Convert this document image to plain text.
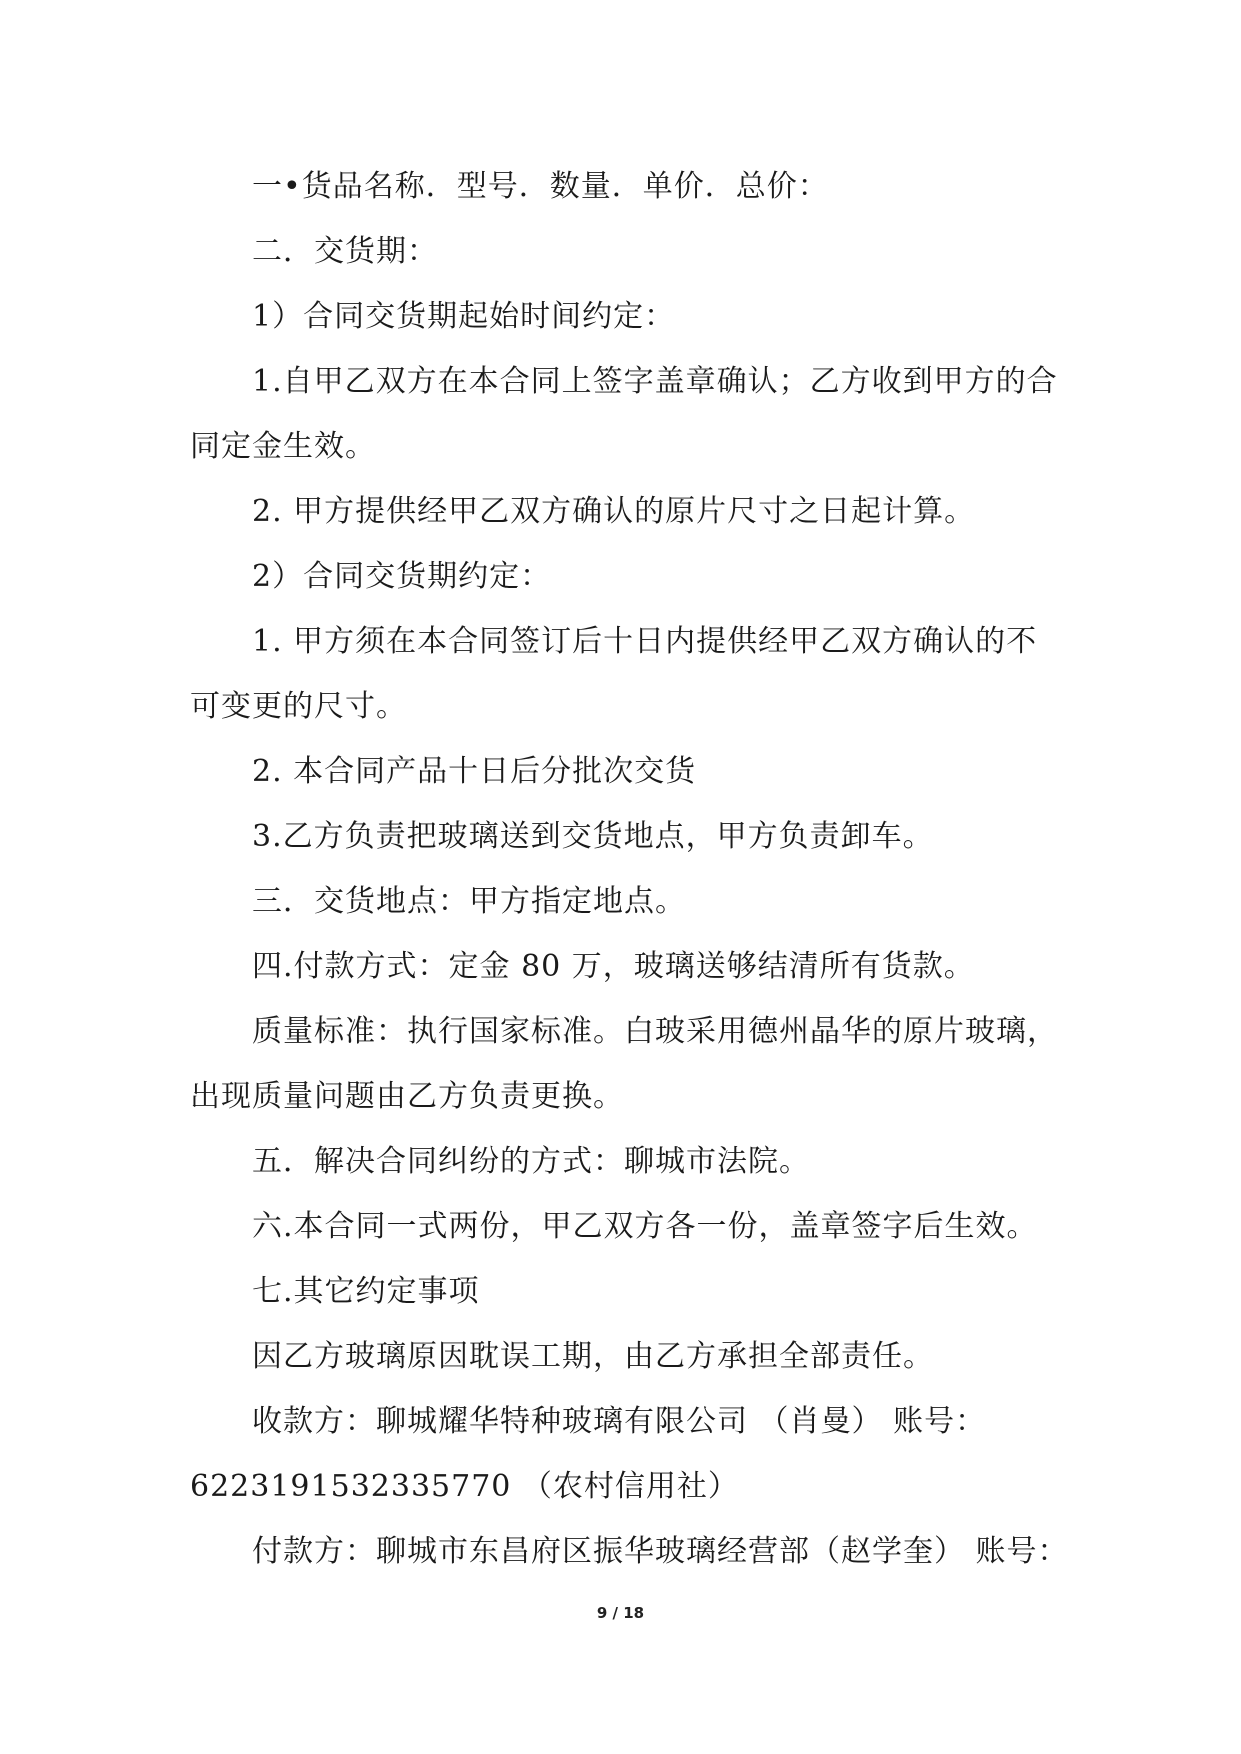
一•货品名称．型号．数量．单价．总价：
二．交货期：
1）合同交货期起始时间约定：
1.自甲乙双方在本合同上签字盖章确认；乙方收到甲方的合
同定金生效。
2. 甲方提供经甲乙双方确认的原片尺寸之日起计算。
2）合同交货期约定：
1. 甲方须在本合同签订后十日内提供经甲乙双方确认的不
可变更的尺寸。
2. 本合同产品十日后分批次交货
3.乙方负责把玻璃送到交货地点，甲方负责卸车。
三．交货地点：甲方指定地点。
四.付款方式：定金 80 万，玻璃送够结清所有货款。
质量标准：执行国家标准。白玻采用德州晶华的原片玻璃，
出现质量问题由乙方负责更换。
五．解决合同纠纷的方式：聊城市法院。
六.本合同一式两份，甲乙双方各一份，盖章签字后生效。
七.其它约定事项
因乙方玻璃原因耽误工期，由乙方承担全部责任。
收款方：聊城耀华特种玻璃有限公司 （肖曼） 账号：
6223191532335770 （农村信用社）
付款方：聊城市东昌府区振华玻璃经营部（赵学奎） 账号：
9 / 18
